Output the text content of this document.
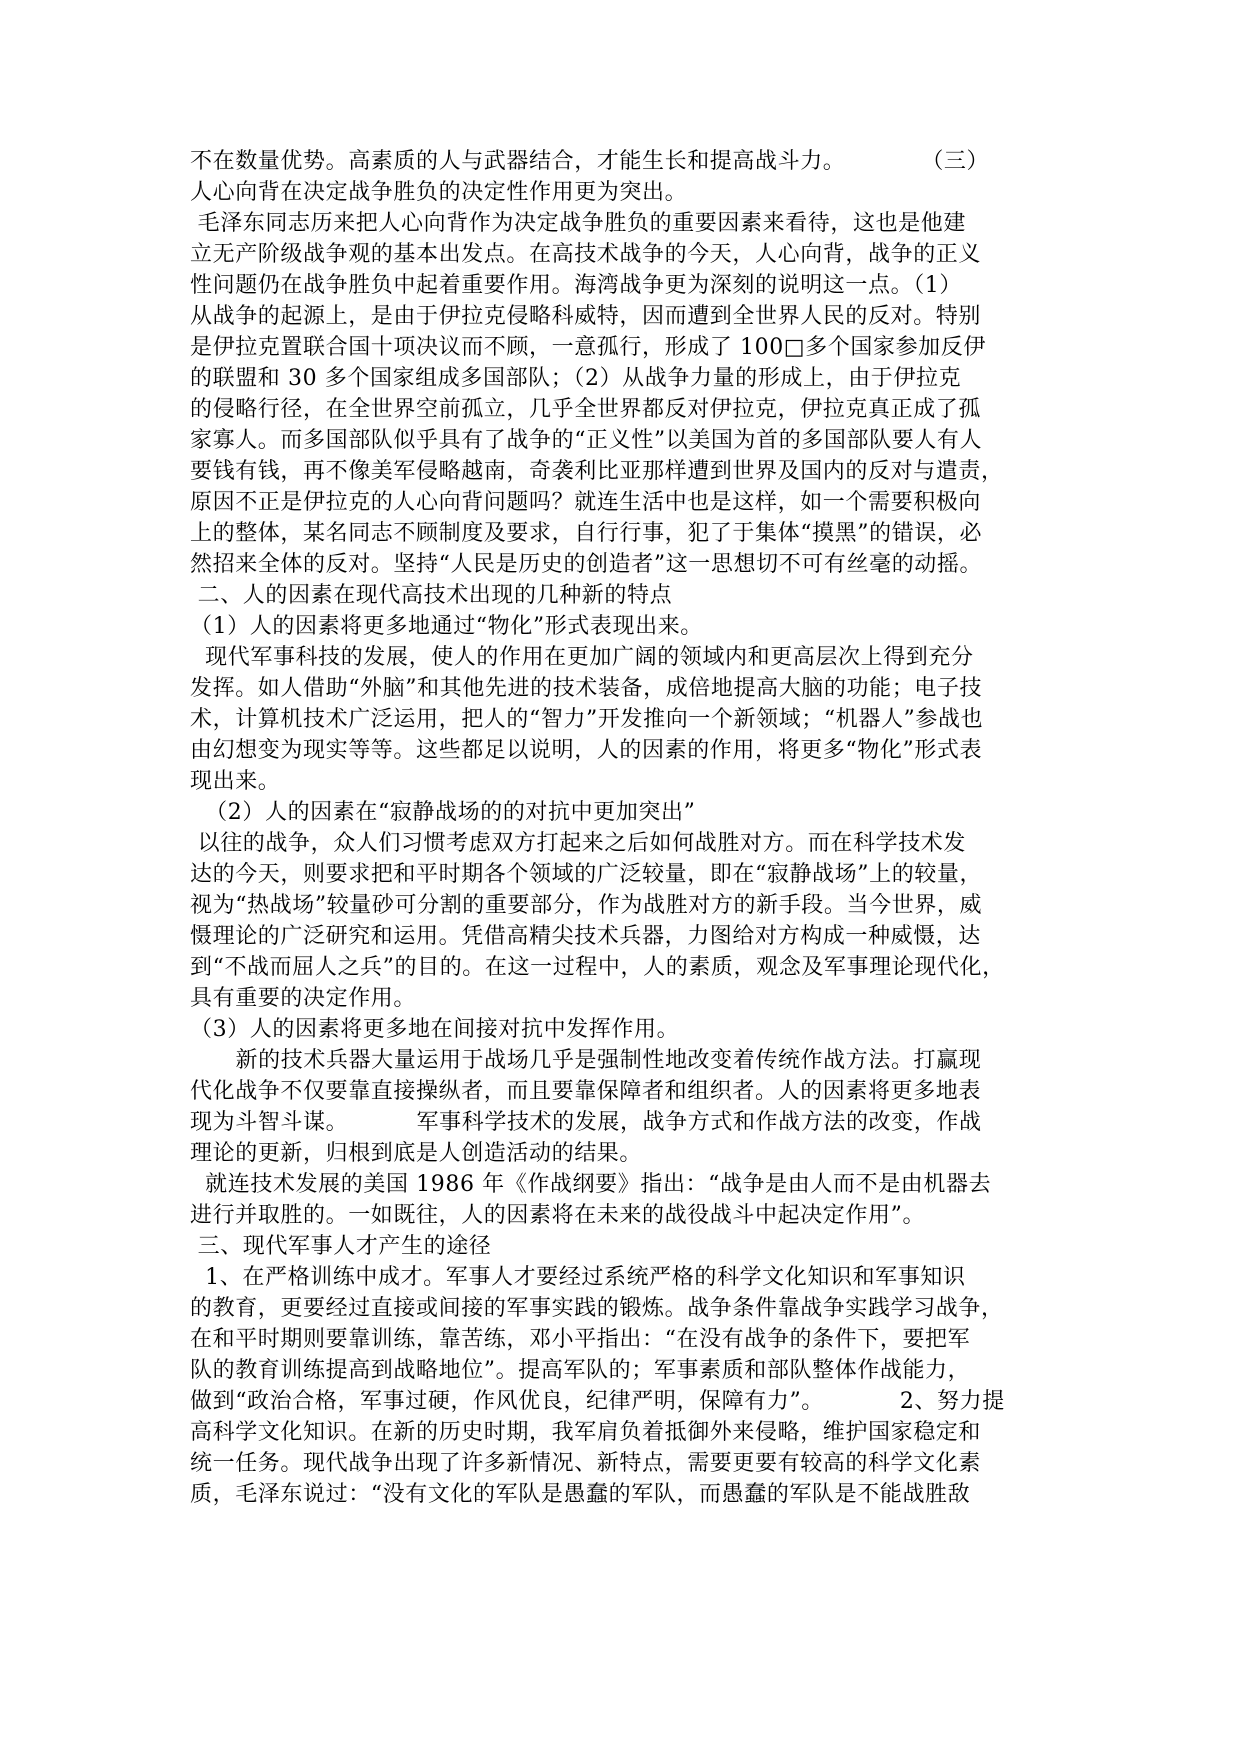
不在数量优势。高素质的人与武器结合，才能生长和提高战斗力。          （三）
人心向背在决定战争胜负的决定性作用更为突出。
毛泽东同志历来把人心向背作为决定战争胜负的重要因素来看待，这也是他建
立无产阶级战争观的基本出发点。在高技术战争的今天，人心向背，战争的正义
性问题仍在战争胜负中起着重要作用。海湾战争更为深刻的说明这一点。（1）
从战争的起源上，是由于伊拉克侵略科威特，因而遭到全世界人民的反对。特别
是伊拉克置联合国十项决议而不顾，一意孤行，形成了 100□多个国家参加反伊
的联盟和 30 多个国家组成多国部队；（2）从战争力量的形成上，由于伊拉克
的侵略行径，在全世界空前孤立，几乎全世界都反对伊拉克，伊拉克真正成了孤
家寡人。而多国部队似乎具有了战争的“正义性”以美国为首的多国部队要人有人
要钱有钱，再不像美军侵略越南，奇袭利比亚那样遭到世界及国内的反对与遣责，
原因不正是伊拉克的人心向背问题吗？就连生活中也是这样，如一个需要积极向
上的整体，某名同志不顾制度及要求，自行行事，犯了于集体“摸黑”的错误，必
然招来全体的反对。坚持“人民是历史的创造者”这一思想切不可有丝毫的动摇。
二、人的因素在现代高技术出现的几种新的特点
（1）人的因素将更多地通过“物化”形式表现出来。
现代军事科技的发展，使人的作用在更加广阔的领域内和更高层次上得到充分
发挥。如人借助“外脑”和其他先进的技术装备，成倍地提高大脑的功能；电子技
术，计算机技术广泛运用，把人的“智力”开发推向一个新领域；“机器人”参战也
由幻想变为现实等等。这些都足以说明，人的因素的作用，将更多“物化”形式表
现出来。
（2）人的因素在“寂静战场的的对抗中更加突出”
以往的战争，众人们习惯考虑双方打起来之后如何战胜对方。而在科学技术发
达的今天，则要求把和平时期各个领域的广泛较量，即在“寂静战场”上的较量，
视为“热战场”较量砂可分割的重要部分，作为战胜对方的新手段。当今世界，威
慑理论的广泛研究和运用。凭借高精尖技术兵器，力图给对方构成一种威慑，达
到“不战而屈人之兵”的目的。在这一过程中，人的素质，观念及军事理论现代化，
具有重要的决定作用。
（3）人的因素将更多地在间接对抗中发挥作用。
新的技术兵器大量运用于战场几乎是强制性地改变着传统作战方法。打赢现
代化战争不仅要靠直接操纵者，而且要靠保障者和组织者。人的因素将更多地表
现为斗智斗谋。         军事科学技术的发展，战争方式和作战方法的改变，作战
理论的更新，归根到底是人创造活动的结果。
就连技术发展的美国 1986 年《作战纲要》指出：“战争是由人而不是由机器去
进行并取胜的。一如既往，人的因素将在未来的战役战斗中起决定作用”。
三、现代军事人才产生的途径
1、在严格训练中成才。军事人才要经过系统严格的科学文化知识和军事知识
的教育，更要经过直接或间接的军事实践的锻炼。战争条件靠战争实践学习战争，
在和平时期则要靠训练，靠苦练，邓小平指出：“在没有战争的条件下，要把军
队的教育训练提高到战略地位”。提高军队的；军事素质和部队整体作战能力，
做到“政治合格，军事过硬，作风优良，纪律严明，保障有力”。          2、努力提
高科学文化知识。在新的历史时期，我军肩负着抵御外来侵略，维护国家稳定和
统一任务。现代战争出现了许多新情况、新特点，需要更要有较高的科学文化素
质，毛泽东说过：“没有文化的军队是愚蠢的军队，而愚蠢的军队是不能战胜敌
